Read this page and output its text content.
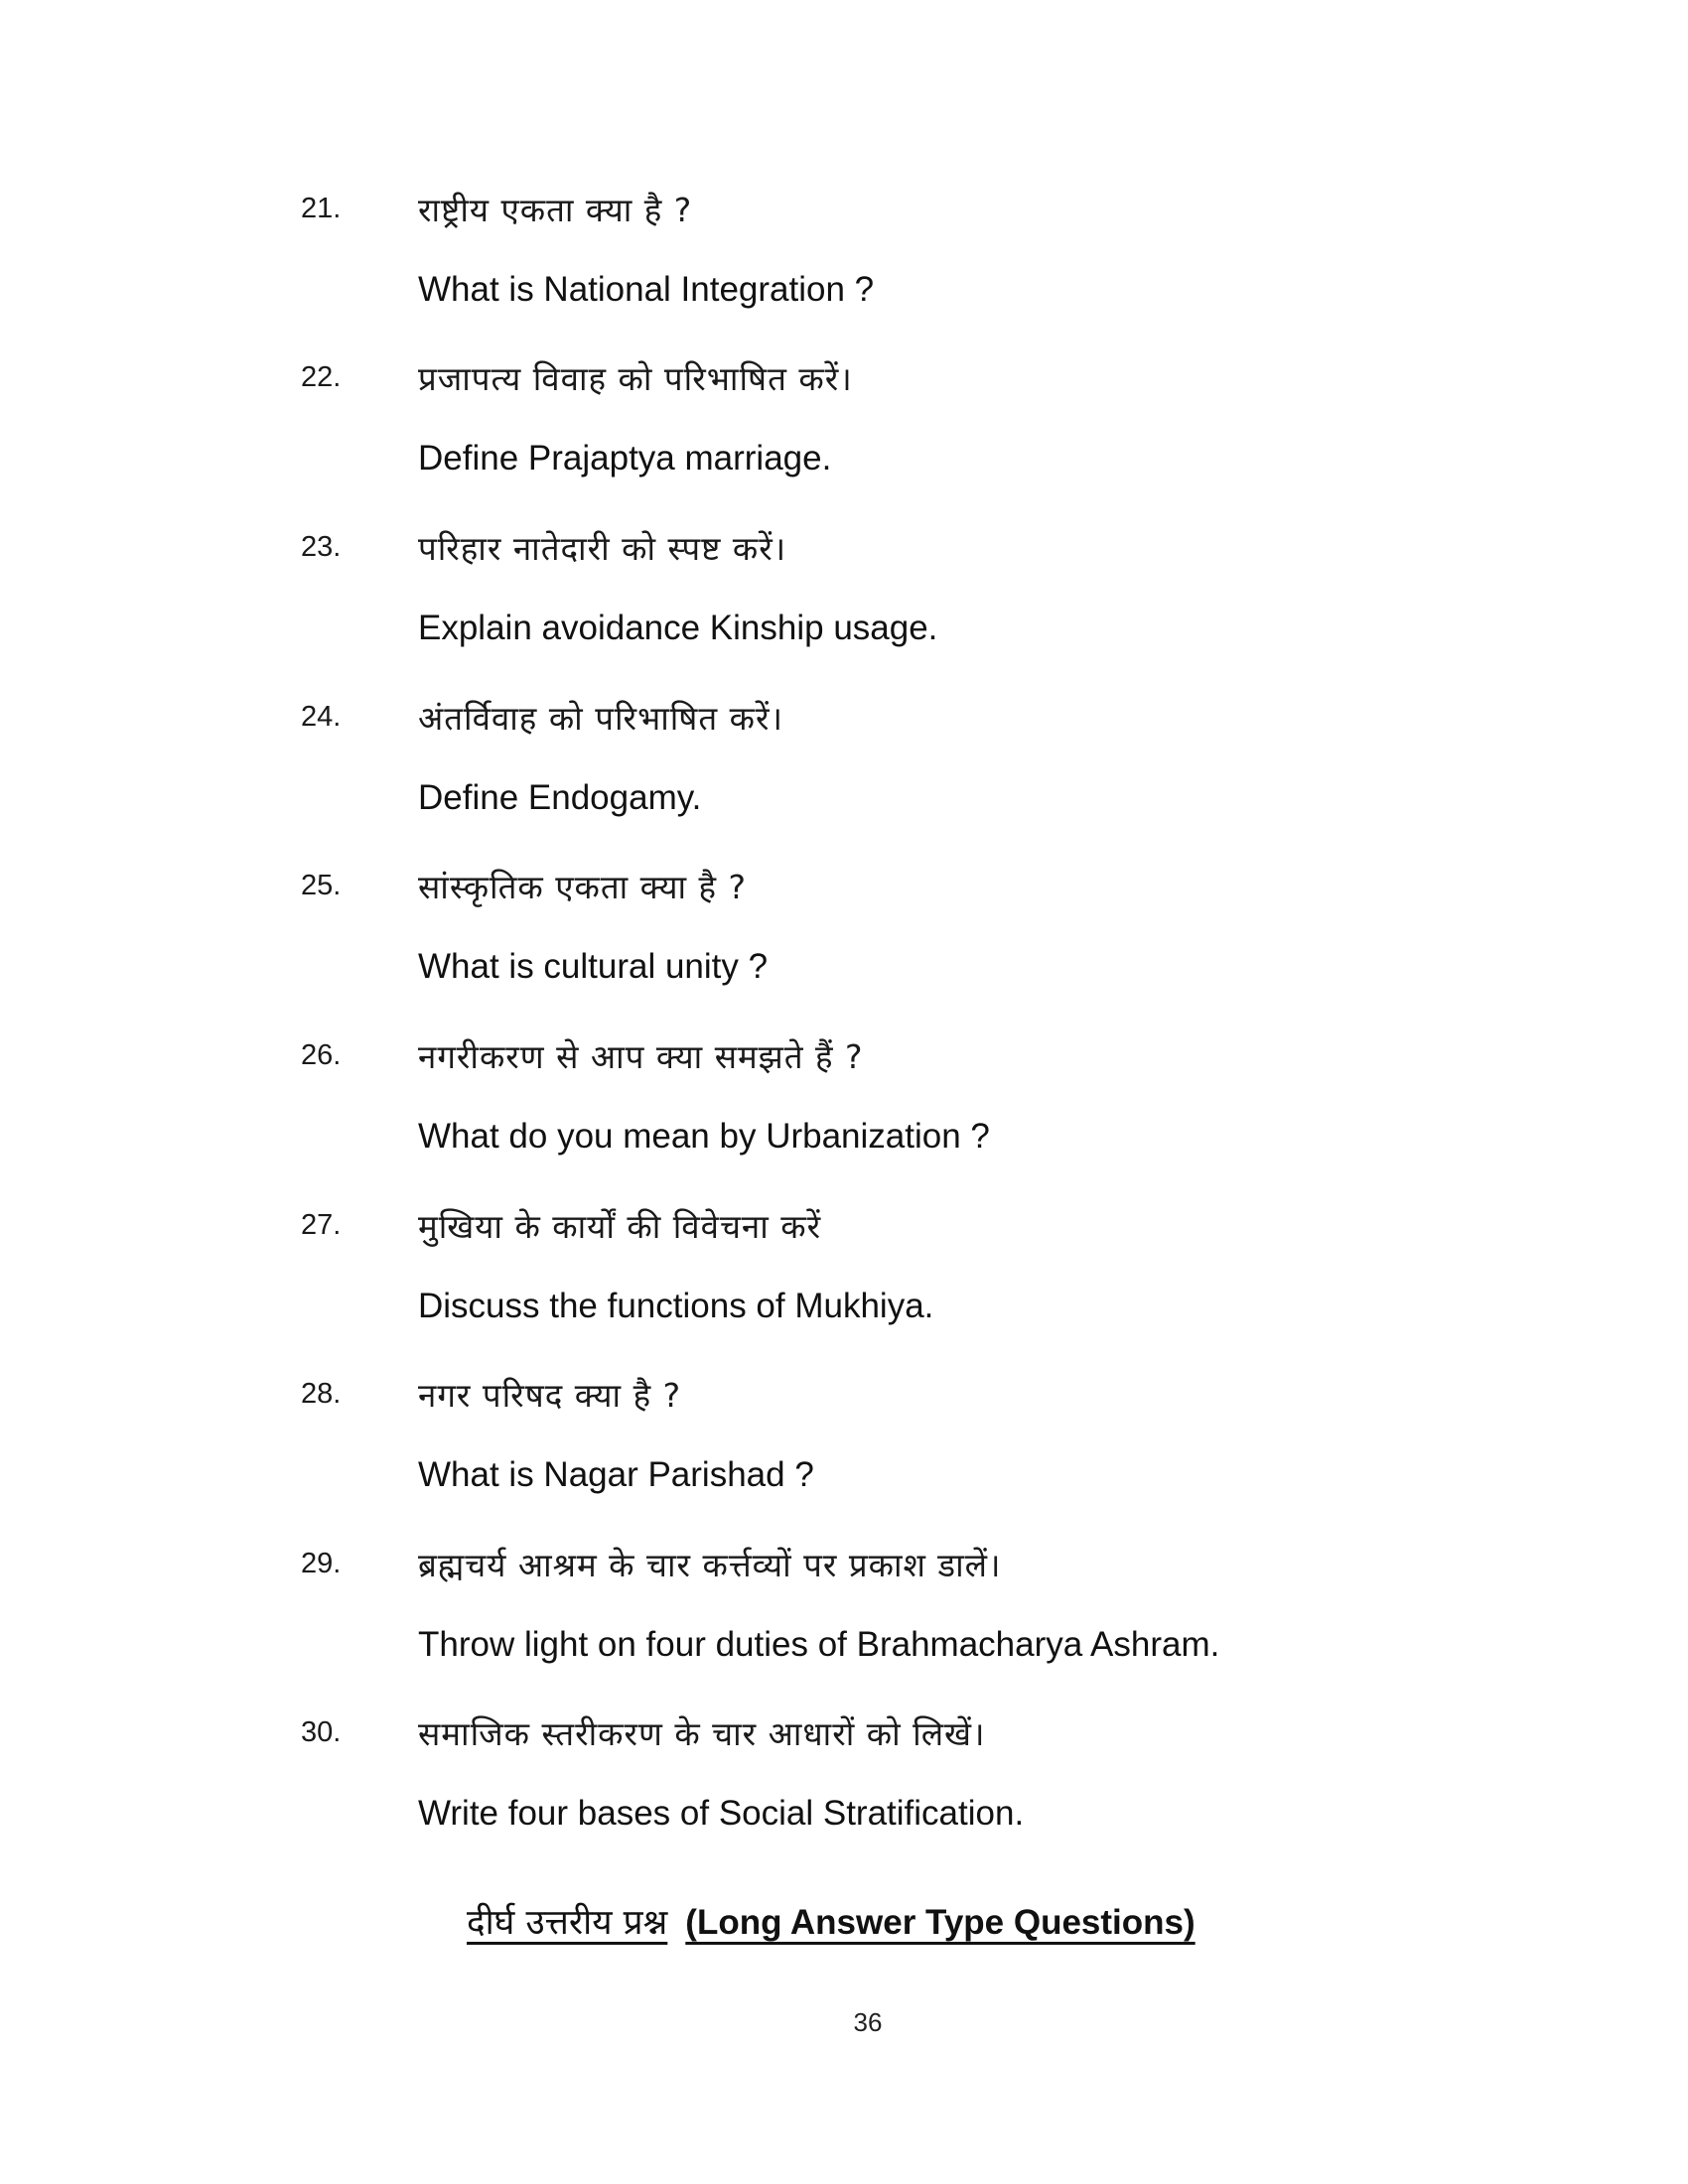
21. राष्ट्रीय एकता क्या है ?
What is National Integration ?
22. प्रजापत्य विवाह को परिभाषित करें।
Define Prajaptya marriage.
23. परिहार नातेदारी को स्पष्ट करें।
Explain avoidance Kinship usage.
24. अंतर्विवाह को परिभाषित करें।
Define Endogamy.
25. सांस्कृतिक एकता क्या है ?
What is cultural unity ?
26. नगरीकरण से आप क्या समझते हैं ?
What do you mean by Urbanization ?
27. मुखिया के कार्यों की विवेचना करें
Discuss the functions of Mukhiya.
28. नगर परिषद क्या है ?
What is Nagar Parishad ?
29. ब्रह्मचर्य आश्रम के चार कर्त्तव्यों पर प्रकाश डालें।
Throw light on four duties of Brahmacharya Ashram.
30. समाजिक स्तरीकरण के चार आधारों को लिखें।
Write four bases of Social Stratification.
दीर्घ उत्तरीय प्रश्न (Long Answer Type Questions)
36
